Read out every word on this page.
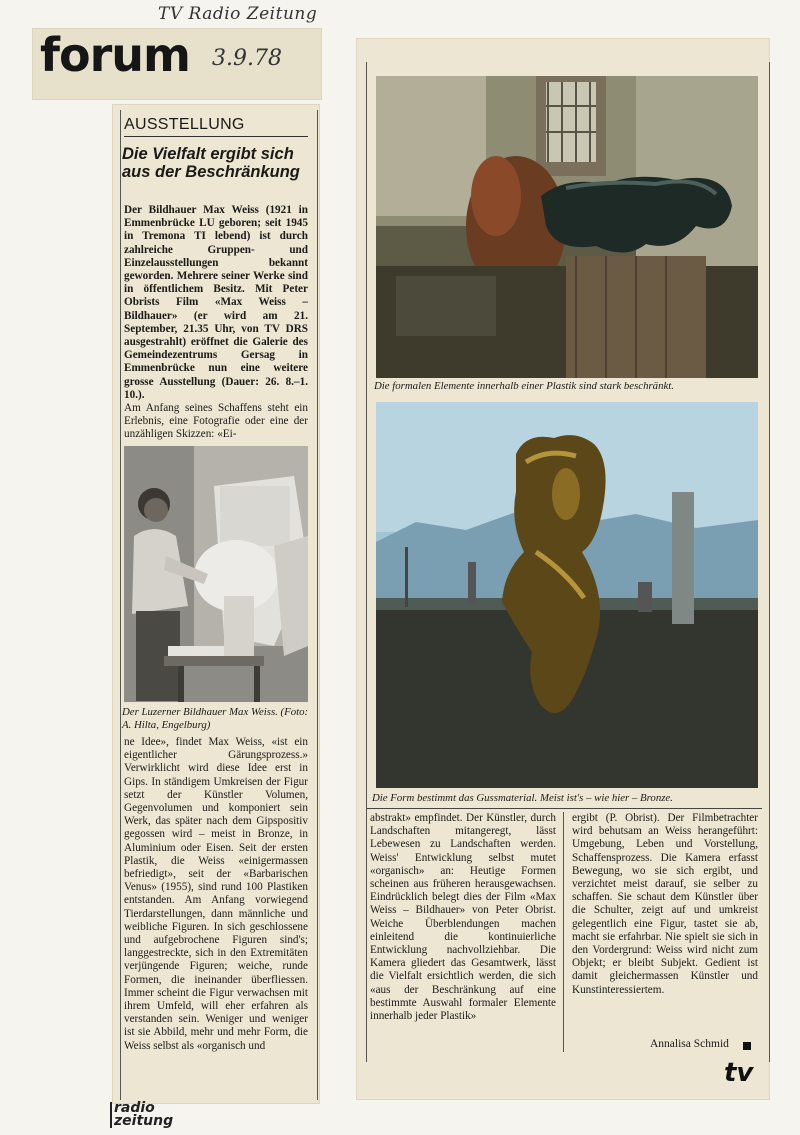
TV Radio Zeitung
forum 3.9.78
AUSSTELLUNG
Die Vielfalt ergibt sich aus der Beschränkung
Der Bildhauer Max Weiss (1921 in Emmenbrücke LU geboren; seit 1945 in Tremona TI lebend) ist durch zahlreiche Gruppen- und Einzelausstellungen bekannt geworden. Mehrere seiner Werke sind in öffentlichem Besitz. Mit Peter Obrists Film «Max Weiss – Bildhauer» (er wird am 21. September, 21.35 Uhr, von TV DRS ausgestrahlt) eröffnet die Galerie des Gemeindezentrums Gersag in Emmenbrücke nun eine weitere grosse Ausstellung (Dauer: 26. 8.–1. 10.).
Am Anfang seines Schaffens steht ein Erlebnis, eine Fotografie oder eine der unzähligen Skizzen: «Ei-
Der Luzerner Bildhauer Max Weiss. (Foto: A. Hilta, Engelburg)
ne Idee», findet Max Weiss, «ist ein eigentlicher Gärungsprozess.» Verwirklicht wird diese Idee erst in Gips. In ständigem Umkreisen der Figur setzt der Künstler Volumen, Gegenvolumen und komponiert sein Werk, das später nach dem Gipspositiv gegossen wird – meist in Bronze, in Aluminium oder Eisen. Seit der ersten Plastik, die Weiss «einigermassen befriedigt», seit der «Barbarischen Venus» (1955), sind rund 100 Plastiken entstanden. Am Anfang vorwiegend Tierdarstellungen, dann männliche und weibliche Figuren. In sich geschlossene und aufgebrochene Figuren sind's; langgestreckte, sich in den Extremitäten verjüngende Figuren; weiche, runde Formen, die ineinander überfliessen. Immer scheint die Figur verwachsen mit ihrem Umfeld, will eher erfahren als verstanden sein. Weniger und weniger ist sie Abbild, mehr und mehr Form, die Weiss selbst als «organisch und
radio
zeitung
Die formalen Elemente innerhalb einer Plastik sind stark beschränkt.
Die Form bestimmt das Gussmaterial. Meist ist's – wie hier – Bronze.
abstrakt» empfindet. Der Künstler, durch Landschaften mitangeregt, lässt Lebewesen zu Landschaften werden. Weiss' Entwicklung selbst mutet «organisch» an: Heutige Formen scheinen aus früheren herausgewachsen. Eindrücklich belegt dies der Film «Max Weiss – Bildhauer» von Peter Obrist. Weiche Überblendungen machen einleitend die kontinuierliche Entwicklung nachvollziehbar. Die Kamera gliedert das Gesamtwerk, lässt die Vielfalt ersichtlich werden, die sich «aus der Beschränkung auf eine bestimmte Auswahl formaler Elemente innerhalb jeder Plastik»
ergibt (P. Obrist). Der Filmbetrachter wird behutsam an Weiss herangeführt: Umgebung, Leben und Vorstellung, Schaffensprozess. Die Kamera erfasst Bewegung, wo sie sich ergibt, und verzichtet meist darauf, sie selber zu schaffen. Sie schaut dem Künstler über die Schulter, zeigt auf und umkreist gelegentlich eine Figur, tastet sie ab, macht sie erfahrbar. Nie spielt sie sich in den Vordergrund: Weiss wird nicht zum Objekt; er bleibt Subjekt. Gedient ist damit gleichermassen Künstler und Kunstinteressiertem.
Annalisa Schmid
tv
